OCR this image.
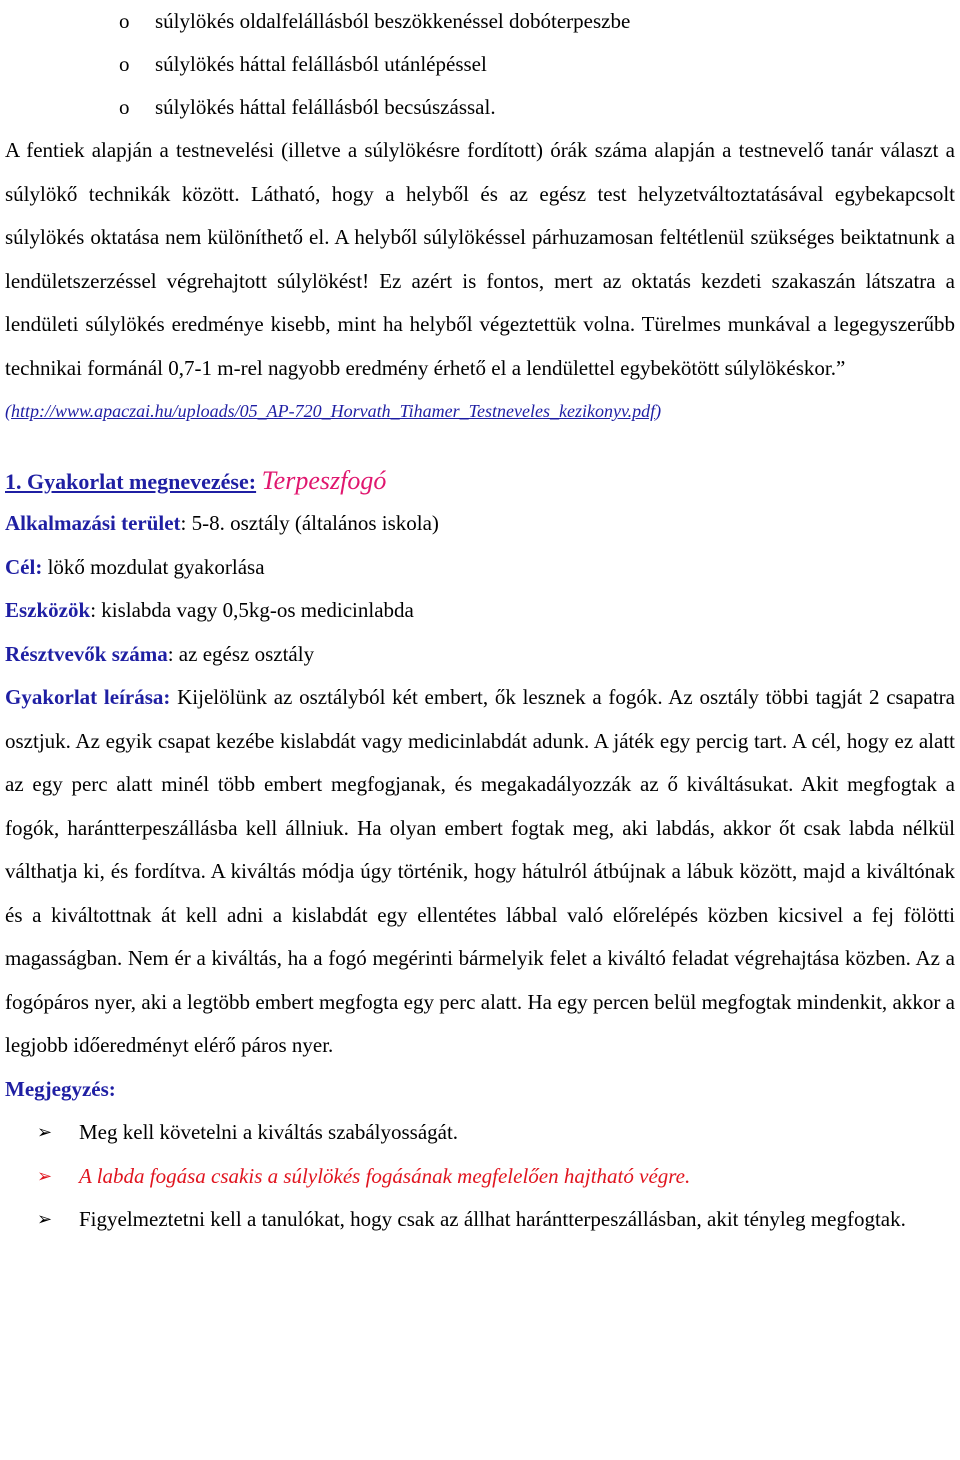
o súlylökés oldalfelállásból beszökkenéssel dobóterpeszbe
o súlylökés háttal felállásból utánlépéssel
o súlylökés háttal felállásból becsúszással.

A fentiek alapján a testnevelési (illetve a súlylökésre fordított) órák száma alapján a testnevelő tanár választ a súlylökő technikák között. Látható, hogy a helyből és az egész test helyzetváltoztatásával egybekapcsolt súlylökés oktatása nem különíthető el. A helyből súlylökéssel párhuzamosan feltétlenül szükséges beiktatnunk a lendületszerzéssel végrehajtott súlylökést! Ez azért is fontos, mert az oktatás kezdeti szakaszán látszatra a lendületi súlylökés eredménye kisebb, mint ha helyből végeztettük volna. Türelmes munkával a legegyszerűbb technikai formánál 0,7-1 m-rel nagyobb eredmény érhető el a lendülettel egybekötött súlylökéskor.”

(http://www.apaczai.hu/uploads/05_AP-720_Horvath_Tihamer_Testneveles_kezikonyv.pdf)

1. Gyakorlat megnevezése: Terpeszfogó

Alkalmazási terület: 5-8. osztály (általános iskola)

Cél: lökő mozdulat gyakorlása

Eszközök: kislabda vagy 0,5kg-os medicinlabda

Résztvevők száma: az egész osztály

Gyakorlat leírása: Kijelölünk az osztályból két embert, ők lesznek a fogók. Az osztály többi tagját 2 csapatra osztjuk. Az egyik csapat kezébe kislabdát vagy medicinlabdát adunk. A játék egy percig tart. A cél, hogy ez alatt az egy perc alatt minél több embert megfogjanak, és megakadályozzák az ő kiváltásukat. Akit megfogtak a fogók, harántterpeszállásba kell állniuk. Ha olyan embert fogtak meg, aki labdás, akkor őt csak labda nélkül válthatja ki, és fordítva. A kiváltás módja úgy történik, hogy hátulról átbújnak a lábuk között, majd a kiváltónak és a kiváltottnak át kell adni a kislabdát egy ellentétes lábbal való előrelépés közben kicsivel a fej fölötti magasságban. Nem ér a kiváltás, ha a fogó megérinti bármelyik felet a kiváltó feladat végrehajtása közben. Az a fogópáros nyer, aki a legtöbb embert megfogta egy perc alatt. Ha egy percen belül megfogtak mindenkit, akkor a legjobb időeredményt elérő páros nyer.

Megjegyzés:

➢ Meg kell követelni a kiváltás szabályosságát.
➢ A labda fogása csakis a súlylökés fogásának megfelelően hajtható végre.
➢ Figyelmeztetni kell a tanulókat, hogy csak az állhat harántterpeszállásban, akit tényleg megfogtak.
